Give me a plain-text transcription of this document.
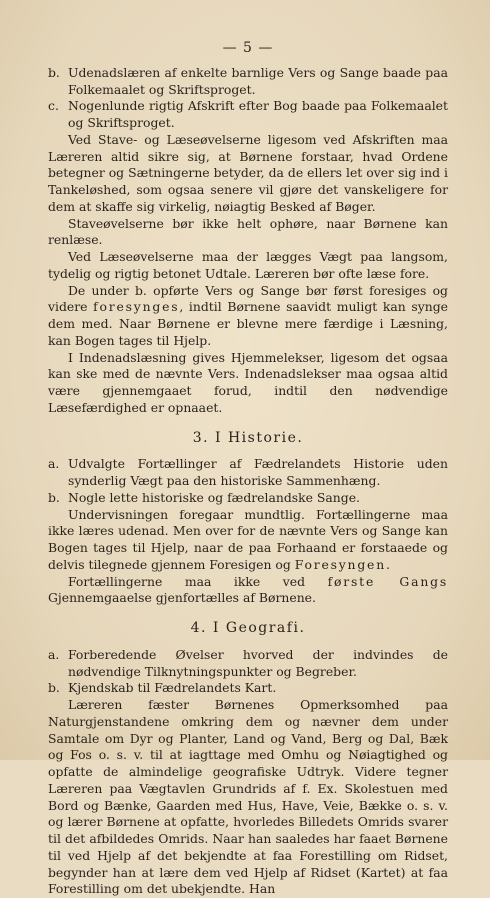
— 5 —
b. Udenadslæren af enkelte barnlige Vers og Sange baade paa Folkemaalet og Skriftsproget.
c. Nogenlunde rigtig Afskrift efter Bog baade paa Folkemaalet og Skriftsproget.

Ved Stave- og Læseøvelserne ligesom ved Afskriften maa Læreren altid sikre sig, at Børnene forstaar, hvad Ordene betegner og Sætningerne betyder, da de ellers let over sig ind i Tankeløshed, som ogsaa senere vil gjøre det vanskeligere for dem at skaffe sig virkelig, nøiagtig Besked af Bøger.

Staveøvelserne bør ikke helt ophøre, naar Børnene kan renlæse.

Ved Læseøvelserne maa der lægges Vægt paa langsom, tydelig og rigtig betonet Udtale. Læreren bør ofte læse fore.

De under b. opførte Vers og Sange bør først foresiges og videre foresynges, indtil Børnene saavidt muligt kan synge dem med. Naar Børnene er blevne mere færdige i Læsning, kan Bogen tages til Hjelp.

I Indenadslæsning gives Hjemmelekser, ligesom det ogsaa kan ske med de nævnte Vers. Indenadslekser maa ogsaa altid være gjennemgaaet forud, indtil den nødvendige Læsefærdighed er opnaaet.

3. I Historie.
a. Udvalgte Fortællinger af Fædrelandets Historie uden synderlig Vægt paa den historiske Sammenhæng.
b. Nogle lette historiske og fædrelandske Sange.

Undervisningen foregaar mundtlig. Fortællingerne maa ikke læres udenad. Men over for de nævnte Vers og Sange kan Bogen tages til Hjelp, naar de paa Forhaand er forstaaede og delvis tilegnede gjennem Foresigen og Foresyngen.

Fortællingerne maa ikke ved første Gangs Gjennemgaaelse gjenfortælles af Børnene.

4. I Geografi.
a. Forberedende Øvelser hvorved der indvindes de nødvendige Tilknytningspunkter og Begreber.
b. Kjendskab til Fædrelandets Kart.

Læreren fæster Børnenes Opmerksomhed paa Naturgjenstandene omkring dem og nævner dem under Samtale om Dyr og Planter, Land og Vand, Berg og Dal, Bæk og Fos o. s. v. til at iagttage med Omhu og Nøiagtighed og opfatte de almindelige geografiske Udtryk. Videre tegner Læreren paa Vægtavlen Grundrids af f. Ex. Skolestuen med Bord og Bænke, Gaarden med Hus, Have, Veie, Bække o. s. v. og lærer Børnene at opfatte, hvorledes Billedets Omrids svarer til det afbildedes Omrids. Naar han saaledes har faaet Børnene til ved Hjelp af det bekjendte at faa Forestilling om Ridset, begynder han at lære dem ved Hjelp af Ridset (Kartet) at faa Forestilling om det ubekjendte. Han
